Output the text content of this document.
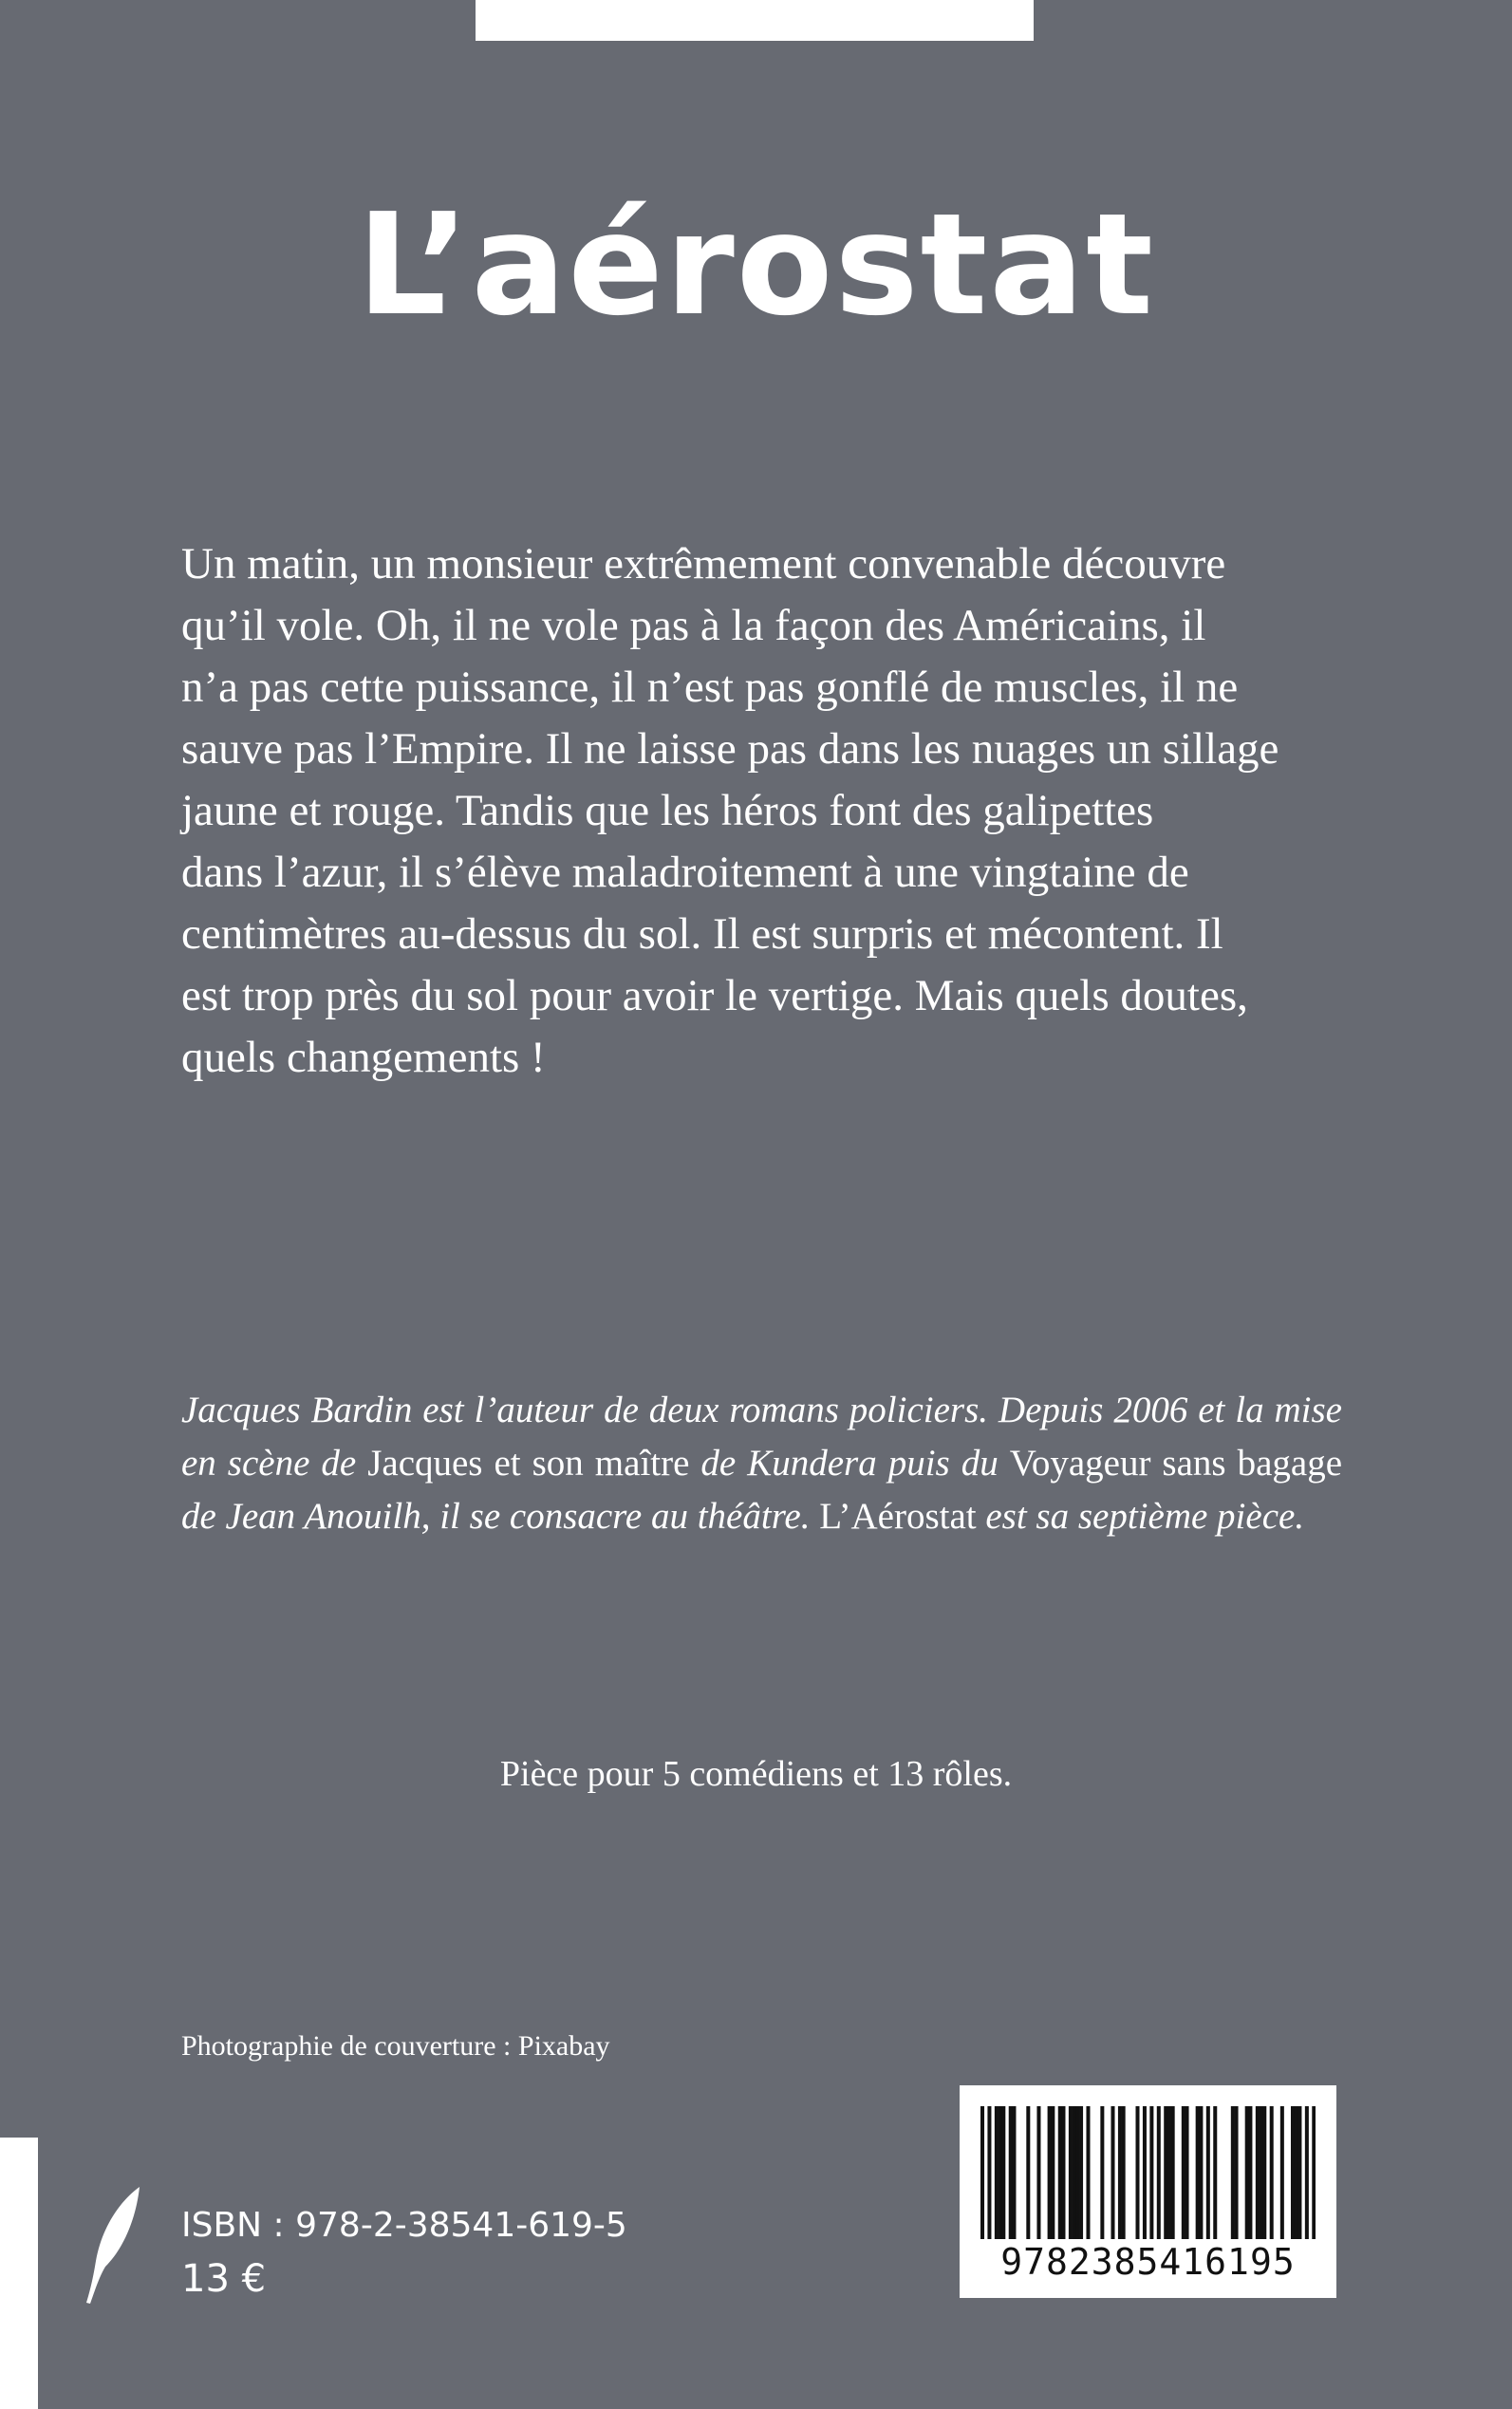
L’aérostat
Un matin, un monsieur extrêmement convenable découvre
qu’il vole. Oh, il ne vole pas à la façon des Américains, il
n’a pas cette puissance, il n’est pas gonflé de muscles, il ne
sauve pas l’Empire. Il ne laisse pas dans les nuages un sillage
jaune et rouge. Tandis que les héros font des galipettes
dans l’azur, il s’élève maladroitement à une vingtaine de
centimètres au-dessus du sol. Il est surpris et mécontent. Il
est trop près du sol pour avoir le vertige. Mais quels doutes,
quels changements !

Jacques Bardin est l’auteur de deux romans policiers. Depuis 2006 et la mise en scène de Jacques et son maître de Kundera puis du Voyageur sans bagage de Jean Anouilh, il se consacre au théâtre. L’Aérostat est sa septième pièce.

Pièce pour 5 comédiens et 13 rôles.

Photographie de couverture : Pixabay

ISBN : 978-2-38541-619-5

13 €	9782385416195
